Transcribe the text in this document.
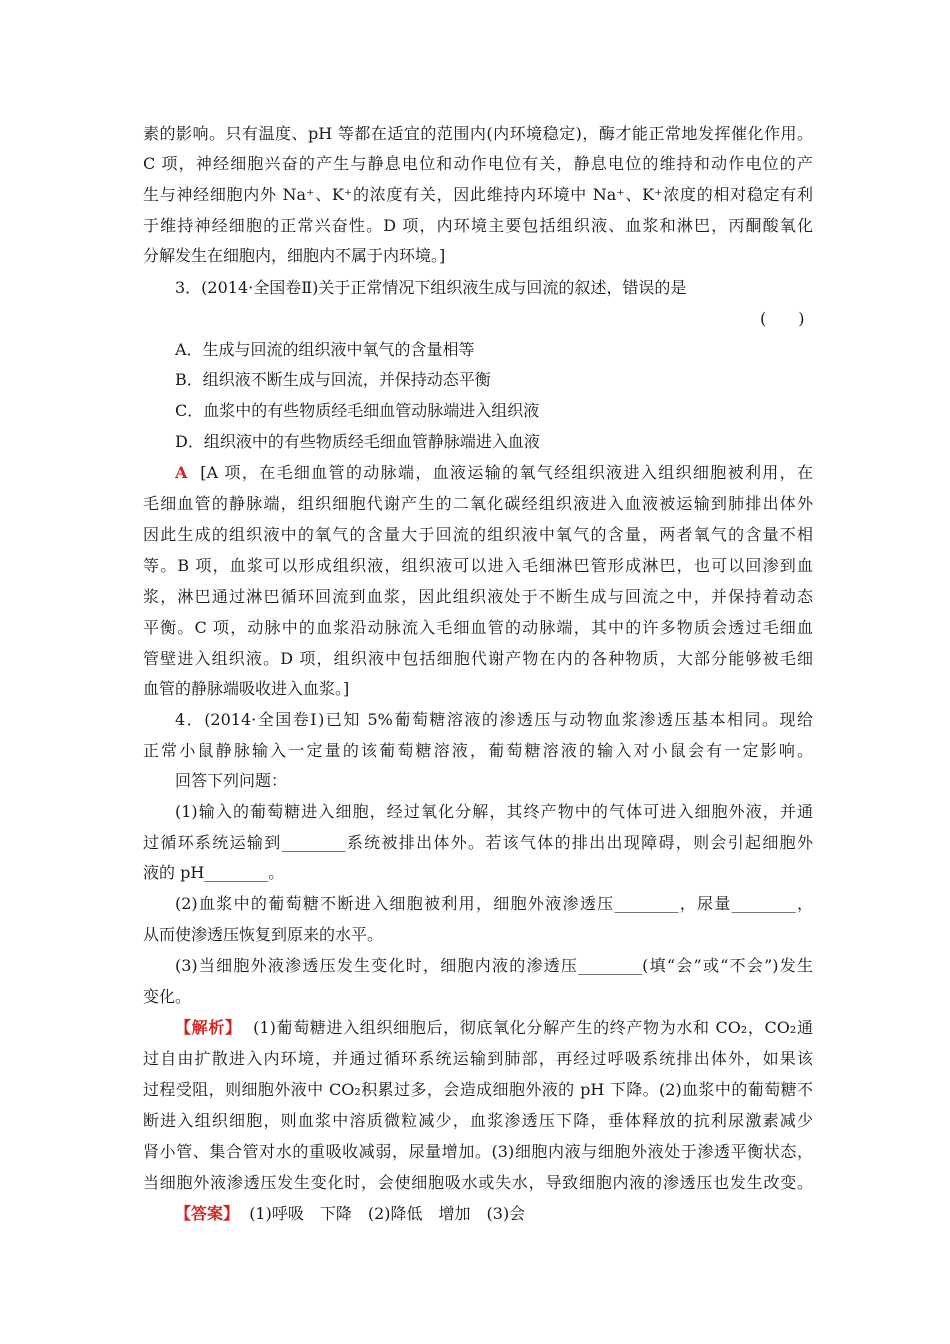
素的影响。只有温度、pH 等都在适宜的范围内(内环境稳定)，酶才能正常地发挥催化作用。
C 项，神经细胞兴奋的产生与静息电位和动作电位有关，静息电位的维持和动作电位的产
生与神经细胞内外 Na⁺、K⁺的浓度有关，因此维持内环境中 Na⁺、K⁺浓度的相对稳定有利
于维持神经细胞的正常兴奋性。D 项，内环境主要包括组织液、血浆和淋巴，丙酮酸氧化
分解发生在细胞内，细胞内不属于内环境。]
3．(2014·全国卷Ⅱ)关于正常情况下组织液生成与回流的叙述，错误的是
(　　)
A．生成与回流的组织液中氧气的含量相等
B．组织液不断生成与回流，并保持动态平衡
C．血浆中的有些物质经毛细血管动脉端进入组织液
D．组织液中的有些物质经毛细血管静脉端进入血液
A [A 项，在毛细血管的动脉端，血液运输的氧气经组织液进入组织细胞被利用，在
毛细血管的静脉端，组织细胞代谢产生的二氧化碳经组织液进入血液被运输到肺排出体外
因此生成的组织液中的氧气的含量大于回流的组织液中氧气的含量，两者氧气的含量不相
等。B 项，血浆可以形成组织液，组织液可以进入毛细淋巴管形成淋巴，也可以回渗到血
浆，淋巴通过淋巴循环回流到血浆，因此组织液处于不断生成与回流之中，并保持着动态
平衡。C 项，动脉中的血浆沿动脉流入毛细血管的动脉端，其中的许多物质会透过毛细血
管壁进入组织液。D 项，组织液中包括细胞代谢产物在内的各种物质，大部分能够被毛细
血管的静脉端吸收进入血浆。]
4．(2014·全国卷Ⅰ)已知 5%葡萄糖溶液的渗透压与动物血浆渗透压基本相同。现给
正常小鼠静脉输入一定量的该葡萄糖溶液，葡萄糖溶液的输入对小鼠会有一定影响。
回答下列问题：
(1)输入的葡萄糖进入细胞，经过氧化分解，其终产物中的气体可进入细胞外液，并通
过循环系统运输到________系统被排出体外。若该气体的排出出现障碍，则会引起细胞外
液的 pH________。
(2)血浆中的葡萄糖不断进入细胞被利用，细胞外液渗透压________，尿量________，
从而使渗透压恢复到原来的水平。
(3)当细胞外液渗透压发生变化时，细胞内液的渗透压________(填“会”或“不会”)发生
变化。
【解析】 (1)葡萄糖进入组织细胞后，彻底氧化分解产生的终产物为水和 CO₂，CO₂通
过自由扩散进入内环境，并通过循环系统运输到肺部，再经过呼吸系统排出体外，如果该
过程受阻，则细胞外液中 CO₂积累过多，会造成细胞外液的 pH 下降。(2)血浆中的葡萄糖不
断进入组织细胞，则血浆中溶质微粒减少，血浆渗透压下降，垂体释放的抗利尿激素减少
肾小管、集合管对水的重吸收减弱，尿量增加。(3)细胞内液与细胞外液处于渗透平衡状态，
当细胞外液渗透压发生变化时，会使细胞吸水或失水，导致细胞内液的渗透压也发生改变。
【答案】 (1)呼吸　下降　(2)降低　增加　(3)会
